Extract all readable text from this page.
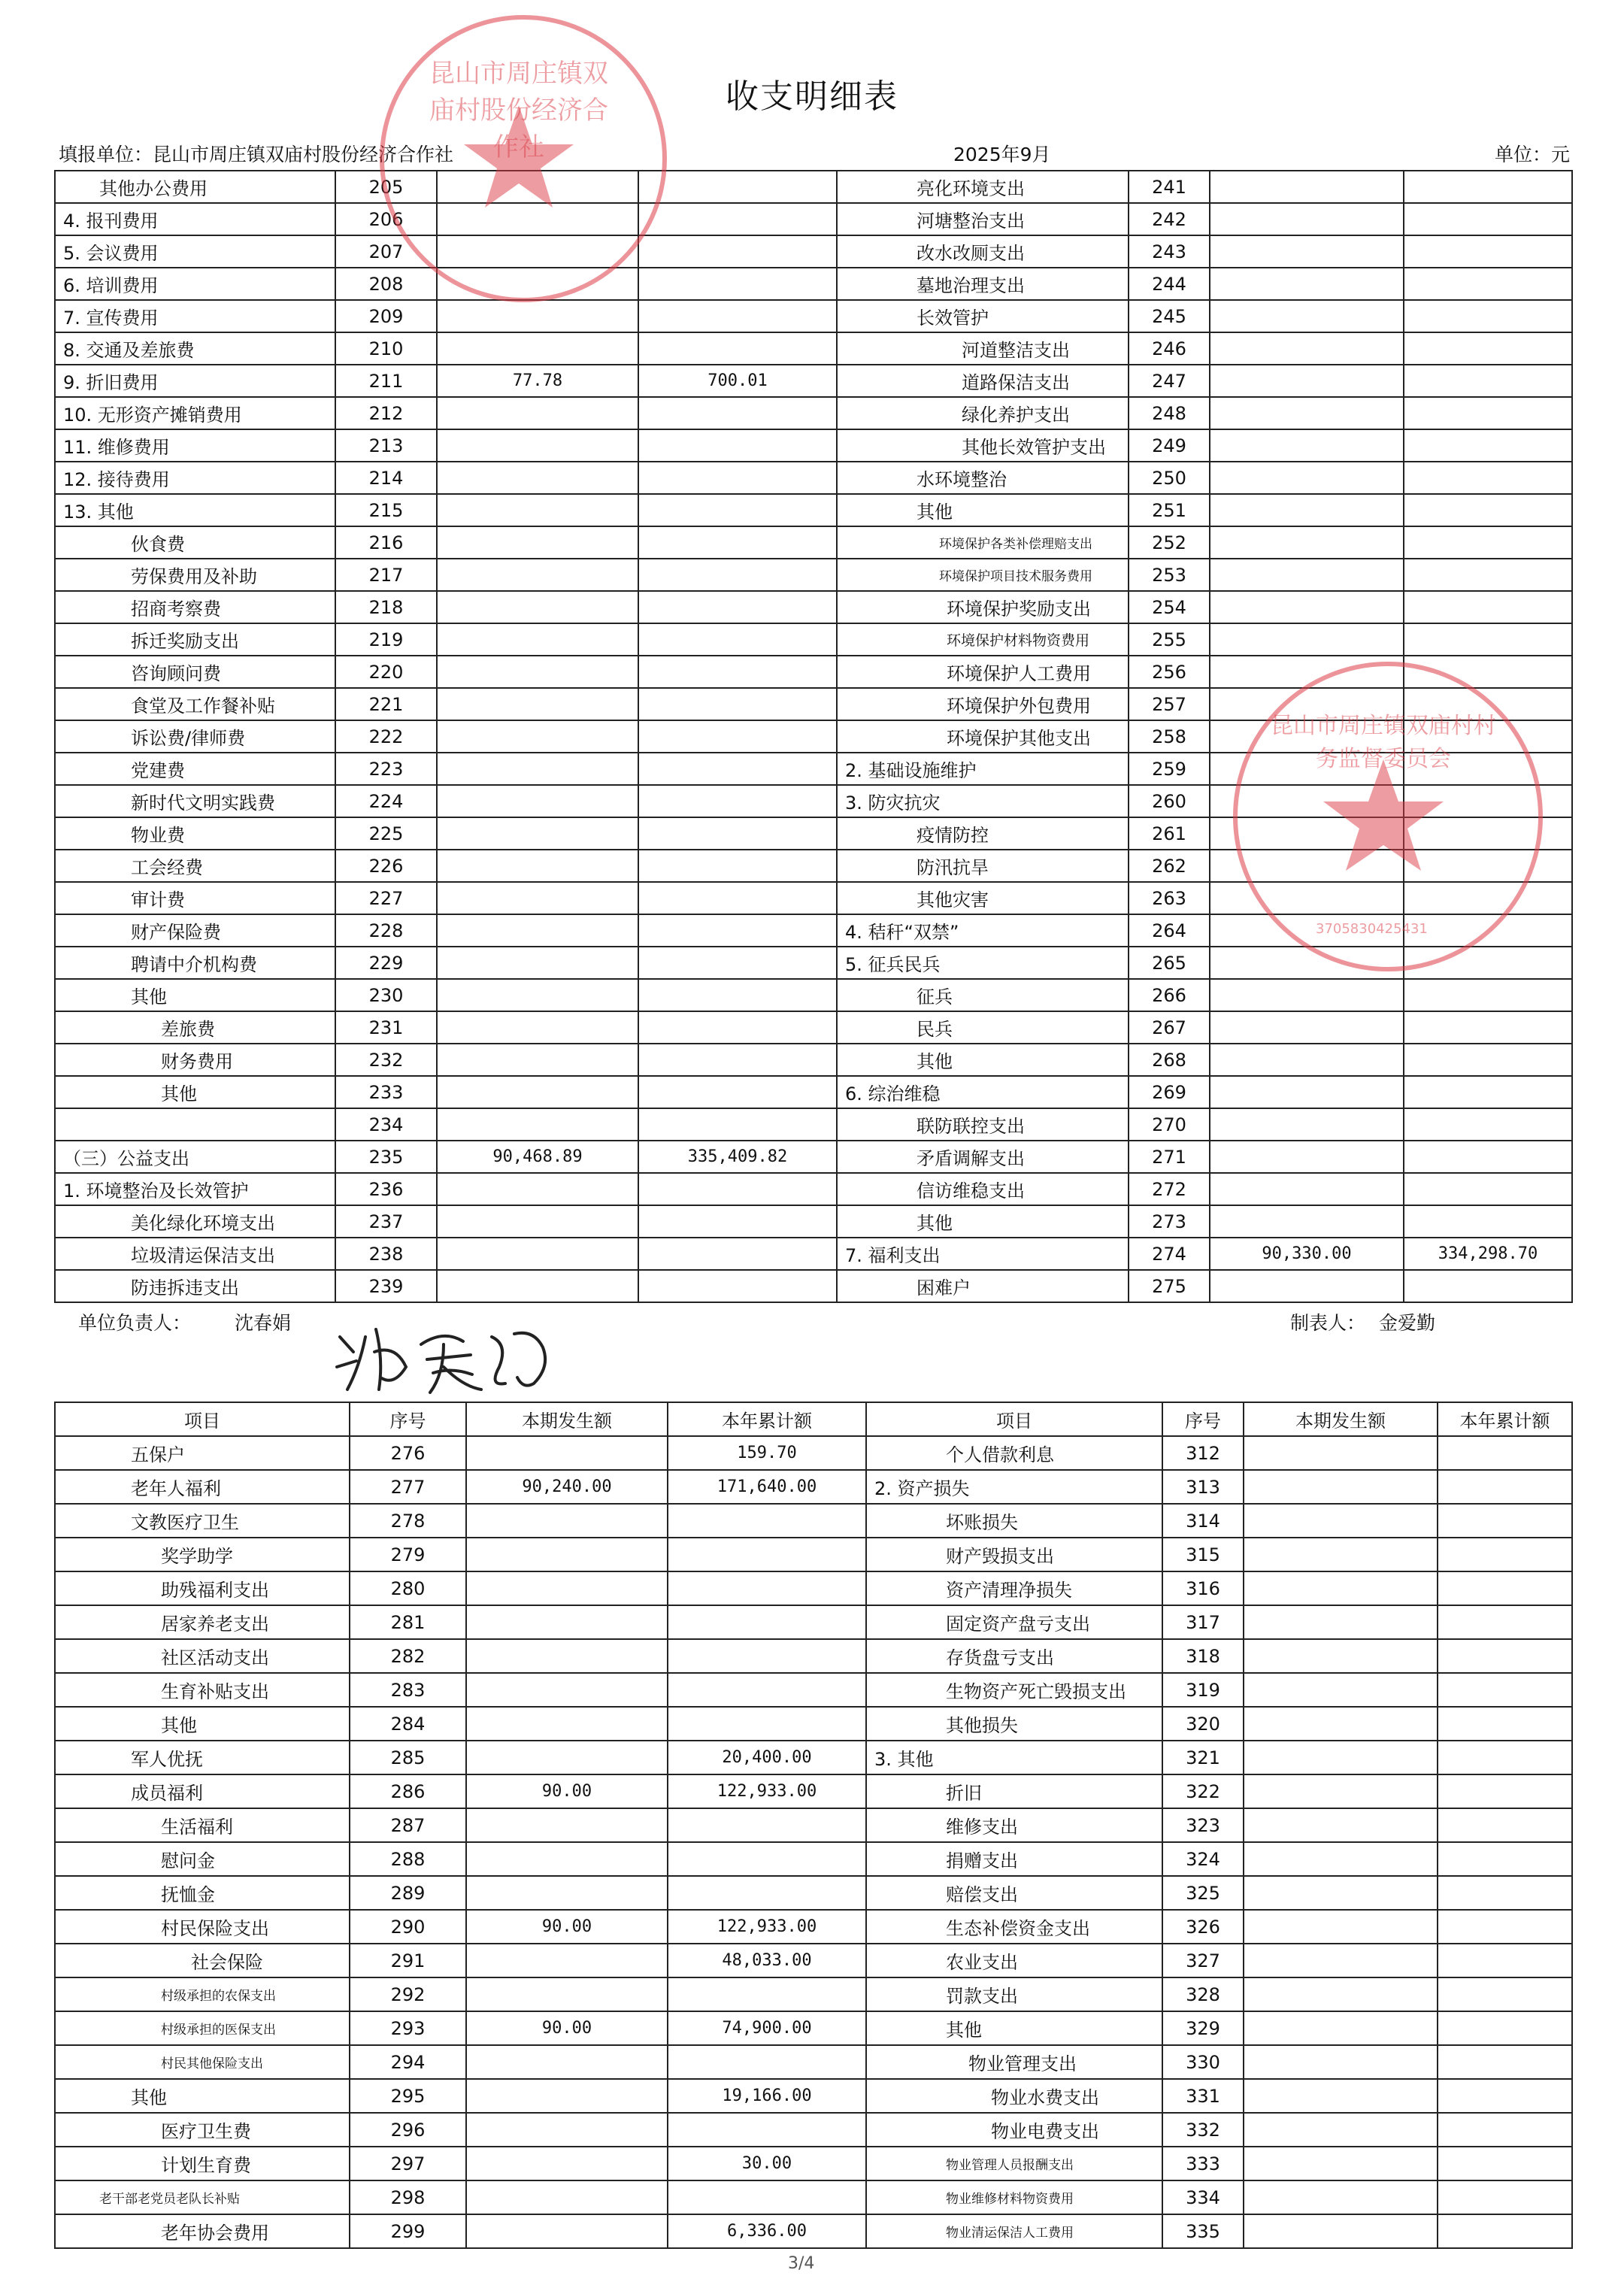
收支明细表
填报单位：昆山市周庄镇双庙村股份经济合作社	2025年9月	单位：元
其他办公费用	205			亮化环境支出	241		
4. 报刊费用	206			河塘整治支出	242		
5. 会议费用	207			改水改厕支出	243		
6. 培训费用	208			墓地治理支出	244		
7. 宣传费用	209			长效管护	245		
8. 交通及差旅费	210			河道整洁支出	246		
9. 折旧费用	211	77.78	700.01	道路保洁支出	247		
10. 无形资产摊销费用	212			绿化养护支出	248		
11. 维修费用	213			其他长效管护支出	249		
12. 接待费用	214			水环境整治	250		
13. 其他	215			其他	251		
伙食费	216			环境保护各类补偿理赔支出	252		
劳保费用及补助	217			环境保护项目技术服务费用	253		
招商考察费	218			环境保护奖励支出	254		
拆迁奖励支出	219			环境保护材料物资费用	255		
咨询顾问费	220			环境保护人工费用	256		
食堂及工作餐补贴	221			环境保护外包费用	257		
诉讼费/律师费	222			环境保护其他支出	258		
党建费	223			2. 基础设施维护	259		
新时代文明实践费	224			3. 防灾抗灾	260		
物业费	225			疫情防控	261		
工会经费	226			防汛抗旱	262		
审计费	227			其他灾害	263		
财产保险费	228			4. 秸秆“双禁”	264		
聘请中介机构费	229			5. 征兵民兵	265		
其他	230			征兵	266		
差旅费	231			民兵	267		
财务费用	232			其他	268		
其他	233			6. 综治维稳	269		
	234			联防联控支出	270		
（三）公益支出	235	90,468.89	335,409.82	矛盾调解支出	271		
1. 环境整治及长效管护	236			信访维稳支出	272		
美化绿化环境支出	237			其他	273		
垃圾清运保洁支出	238			7. 福利支出	274	90,330.00	334,298.70
防违拆违支出	239			困难户	275		
单位负责人： 沈春娟	制表人： 金爱勤
项目	序号	本期发生额	本年累计额	项目	序号	本期发生额	本年累计额
五保户	276		159.70	个人借款利息	312		
老年人福利	277	90,240.00	171,640.00	2. 资产损失	313		
文教医疗卫生	278			坏账损失	314		
奖学助学	279			财产毁损支出	315		
助残福利支出	280			资产清理净损失	316		
居家养老支出	281			固定资产盘亏支出	317		
社区活动支出	282			存货盘亏支出	318		
生育补贴支出	283			生物资产死亡毁损支出	319		
其他	284			其他损失	320		
军人优抚	285		20,400.00	3. 其他	321		
成员福利	286	90.00	122,933.00	折旧	322		
生活福利	287			维修支出	323		
慰问金	288			捐赠支出	324		
抚恤金	289			赔偿支出	325		
村民保险支出	290	90.00	122,933.00	生态补偿资金支出	326		
社会保险	291		48,033.00	农业支出	327		
村级承担的农保支出	292			罚款支出	328		
村级承担的医保支出	293	90.00	74,900.00	其他	329		
村民其他保险支出	294			物业管理支出	330		
其他	295		19,166.00	物业水费支出	331		
医疗卫生费	296			物业电费支出	332		
计划生育费	297		30.00	物业管理人员报酬支出	333		
老干部老党员老队长补贴	298			物业维修材料物资费用	334		
老年协会费用	299		6,336.00	物业清运保洁人工费用	335		
3/4
昆山市周庄镇双庙村股份经济合作社
昆山市周庄镇双庙村村务监督委员会
3705830425431
